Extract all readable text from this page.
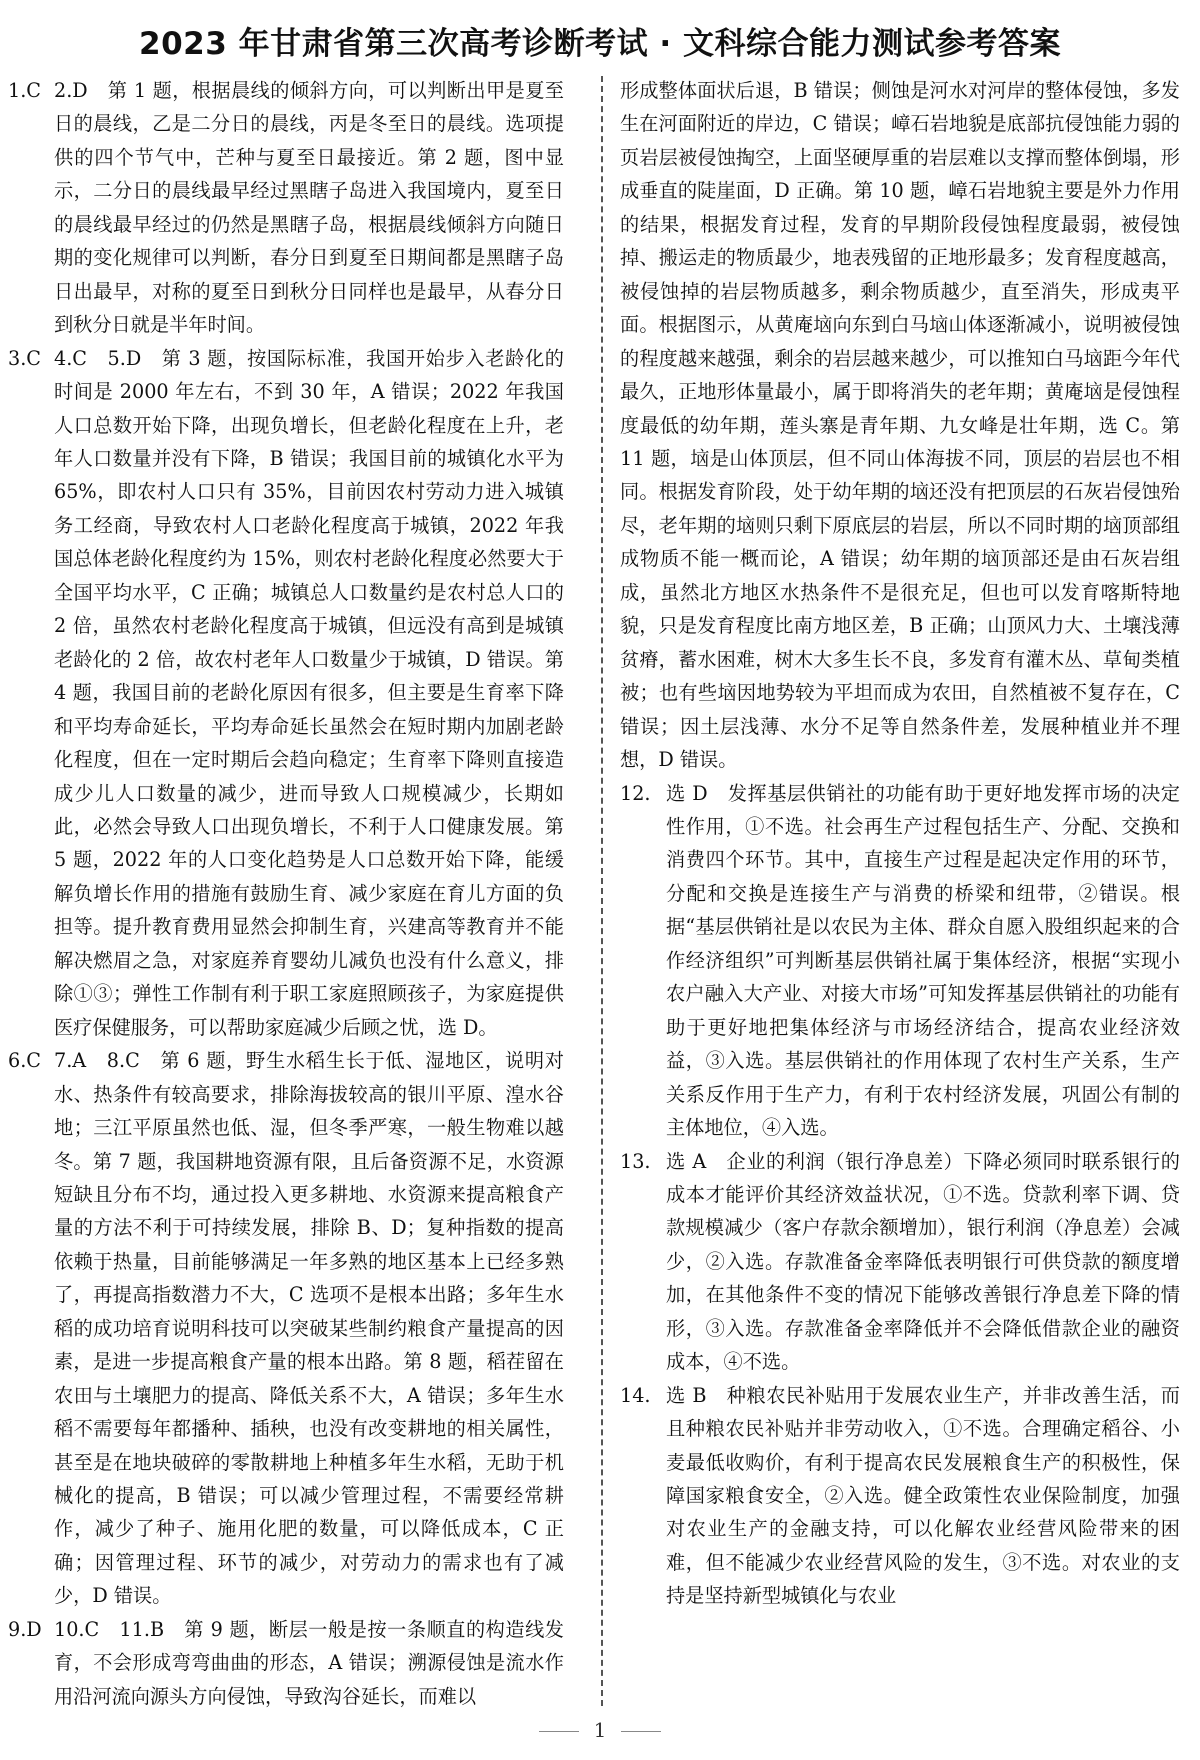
2023 年甘肃省第三次高考诊断考试 · 文科综合能力测试参考答案
1.C 2.D　第 1 题，根据晨线的倾斜方向，可以判断出甲是夏至日的晨线，乙是二分日的晨线，丙是冬至日的晨线。选项提供的四个节气中，芒种与夏至日最接近。第 2 题，图中显示，二分日的晨线最早经过黑瞎子岛进入我国境内，夏至日的晨线最早经过的仍然是黑瞎子岛，根据晨线倾斜方向随日期的变化规律可以判断，春分日到夏至日期间都是黑瞎子岛日出最早，对称的夏至日到秋分日同样也是最早，从春分日到秋分日就是半年时间。
3.C 4.C　5.D　第 3 题，按国际标准，我国开始步入老龄化的时间是 2000 年左右，不到 30 年，A 错误；2022 年我国人口总数开始下降，出现负增长，但老龄化程度在上升，老年人口数量并没有下降，B 错误；我国目前的城镇化水平为 65%，即农村人口只有 35%，目前因农村劳动力进入城镇务工经商，导致农村人口老龄化程度高于城镇，2022 年我国总体老龄化程度约为 15%，则农村老龄化程度必然要大于全国平均水平，C 正确；城镇总人口数量约是农村总人口的 2 倍，虽然农村老龄化程度高于城镇，但远没有高到是城镇老龄化的 2 倍，故农村老年人口数量少于城镇，D 错误。第 4 题，我国目前的老龄化原因有很多，但主要是生育率下降和平均寿命延长，平均寿命延长虽然会在短时期内加剧老龄化程度，但在一定时期后会趋向稳定；生育率下降则直接造成少儿人口数量的减少，进而导致人口规模减少，长期如此，必然会导致人口出现负增长，不利于人口健康发展。第 5 题，2022 年的人口变化趋势是人口总数开始下降，能缓解负增长作用的措施有鼓励生育、减少家庭在育儿方面的负担等。提升教育费用显然会抑制生育，兴建高等教育并不能解决燃眉之急，对家庭养育婴幼儿减负也没有什么意义，排除①③；弹性工作制有利于职工家庭照顾孩子，为家庭提供医疗保健服务，可以帮助家庭减少后顾之忧，选 D。
6.C 7.A　8.C　第 6 题，野生水稻生长于低、湿地区，说明对水、热条件有较高要求，排除海拔较高的银川平原、湟水谷地；三江平原虽然也低、湿，但冬季严寒，一般生物难以越冬。第 7 题，我国耕地资源有限，且后备资源不足，水资源短缺且分布不均，通过投入更多耕地、水资源来提高粮食产量的方法不利于可持续发展，排除 B、D；复种指数的提高依赖于热量，目前能够满足一年多熟的地区基本上已经多熟了，再提高指数潜力不大，C 选项不是根本出路；多年生水稻的成功培育说明科技可以突破某些制约粮食产量提高的因素，是进一步提高粮食产量的根本出路。第 8 题，稻茬留在农田与土壤肥力的提高、降低关系不大，A 错误；多年生水稻不需要每年都播种、插秧，也没有改变耕地的相关属性，甚至是在地块破碎的零散耕地上种植多年生水稻，无助于机械化的提高，B 错误；可以减少管理过程，不需要经常耕作，减少了种子、施用化肥的数量，可以降低成本，C 正确；因管理过程、环节的减少，对劳动力的需求也有了减少，D 错误。
9.D 10.C　11.B　第 9 题，断层一般是按一条顺直的构造线发育，不会形成弯弯曲曲的形态，A 错误；溯源侵蚀是流水作用沿河流向源头方向侵蚀，导致沟谷延长，而难以
形成整体面状后退，B 错误；侧蚀是河水对河岸的整体侵蚀，多发生在河面附近的岸边，C 错误；嶂石岩地貌是底部抗侵蚀能力弱的页岩层被侵蚀掏空，上面坚硬厚重的岩层难以支撑而整体倒塌，形成垂直的陡崖面，D 正确。第 10 题，嶂石岩地貌主要是外力作用的结果，根据发育过程，发育的早期阶段侵蚀程度最弱，被侵蚀掉、搬运走的物质最少，地表残留的正地形最多；发育程度越高，被侵蚀掉的岩层物质越多，剩余物质越少，直至消失，形成夷平面。根据图示，从黄庵垴向东到白马垴山体逐渐减小，说明被侵蚀的程度越来越强，剩余的岩层越来越少，可以推知白马垴距今年代最久，正地形体量最小，属于即将消失的老年期；黄庵垴是侵蚀程度最低的幼年期，莲头寨是青年期、九女峰是壮年期，选 C。第 11 题，垴是山体顶层，但不同山体海拔不同，顶层的岩层也不相同。根据发育阶段，处于幼年期的垴还没有把顶层的石灰岩侵蚀殆尽，老年期的垴则只剩下原底层的岩层，所以不同时期的垴顶部组成物质不能一概而论，A 错误；幼年期的垴顶部还是由石灰岩组成，虽然北方地区水热条件不是很充足，但也可以发育喀斯特地貌，只是发育程度比南方地区差，B 正确；山顶风力大、土壤浅薄贫瘠，蓄水困难，树木大多生长不良，多发育有灌木丛、草甸类植被；也有些垴因地势较为平坦而成为农田，自然植被不复存在，C 错误；因土层浅薄、水分不足等自然条件差，发展种植业并不理想，D 错误。
12. 选 D　发挥基层供销社的功能有助于更好地发挥市场的决定性作用，①不选。社会再生产过程包括生产、分配、交换和消费四个环节。其中，直接生产过程是起决定作用的环节，分配和交换是连接生产与消费的桥梁和纽带，②错误。根据“基层供销社是以农民为主体、群众自愿入股组织起来的合作经济组织”可判断基层供销社属于集体经济，根据“实现小农户融入大产业、对接大市场”可知发挥基层供销社的功能有助于更好地把集体经济与市场经济结合，提高农业经济效益，③入选。基层供销社的作用体现了农村生产关系，生产关系反作用于生产力，有利于农村经济发展，巩固公有制的主体地位，④入选。
13. 选 A　企业的利润（银行净息差）下降必须同时联系银行的成本才能评价其经济效益状况，①不选。贷款利率下调、贷款规模减少（客户存款余额增加），银行利润（净息差）会减少，②入选。存款准备金率降低表明银行可供贷款的额度增加，在其他条件不变的情况下能够改善银行净息差下降的情形，③入选。存款准备金率降低并不会降低借款企业的融资成本，④不选。
14. 选 B　种粮农民补贴用于发展农业生产，并非改善生活，而且种粮农民补贴并非劳动收入，①不选。合理确定稻谷、小麦最低收购价，有利于提高农民发展粮食生产的积极性，保障国家粮食安全，②入选。健全政策性农业保险制度，加强对农业生产的金融支持，可以化解农业经营风险带来的困难，但不能减少农业经营风险的发生，③不选。对农业的支持是坚持新型城镇化与农业
1
